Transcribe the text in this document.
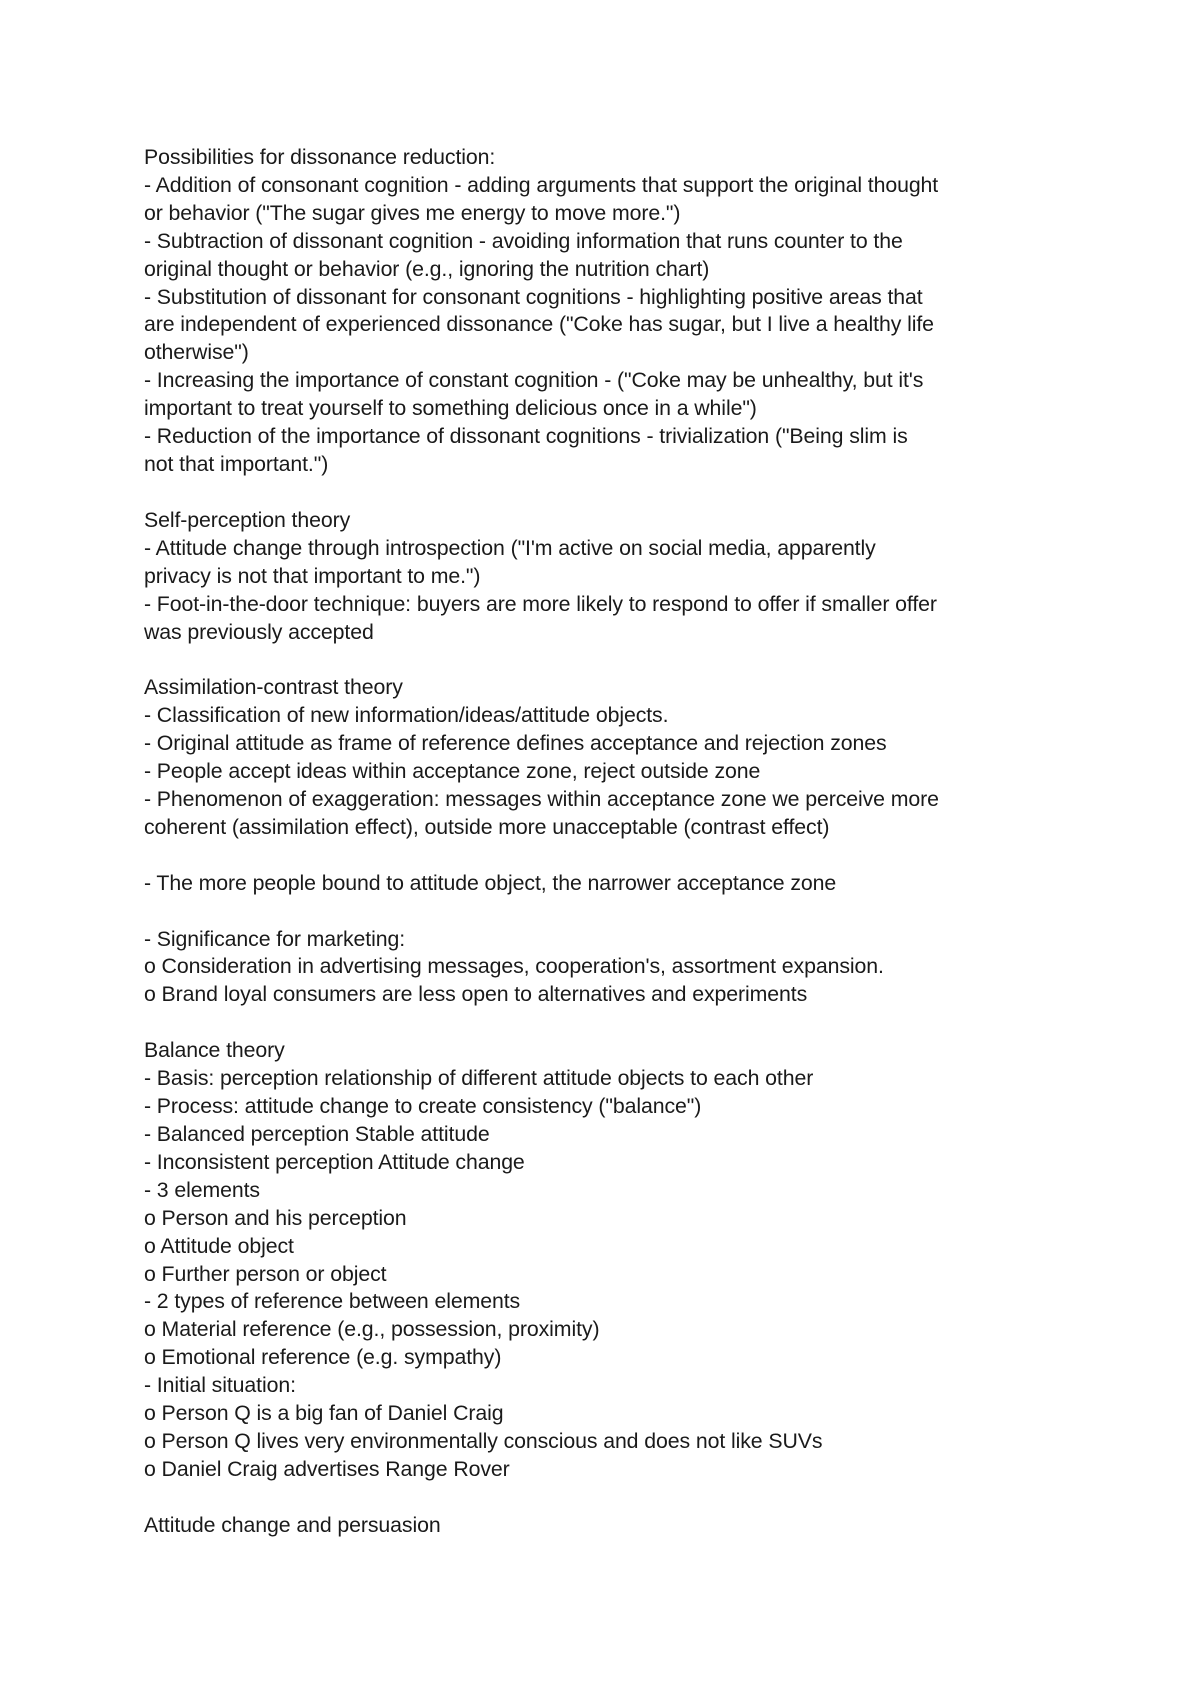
Possibilities for dissonance reduction:
- Addition of consonant cognition - adding arguments that support the original thought
or behavior ("The sugar gives me energy to move more.")
- Subtraction of dissonant cognition - avoiding information that runs counter to the
original thought or behavior (e.g., ignoring the nutrition chart)
- Substitution of dissonant for consonant cognitions - highlighting positive areas that
are independent of experienced dissonance ("Coke has sugar, but I live a healthy life
otherwise")
- Increasing the importance of constant cognition - ("Coke may be unhealthy, but it's
important to treat yourself to something delicious once in a while")
- Reduction of the importance of dissonant cognitions - trivialization ("Being slim is
not that important.")
Self-perception theory
- Attitude change through introspection ("I'm active on social media, apparently
privacy is not that important to me.")
- Foot-in-the-door technique: buyers are more likely to respond to offer if smaller offer
was previously accepted
Assimilation-contrast theory
- Classification of new information/ideas/attitude objects.
- Original attitude as frame of reference defines acceptance and rejection zones
- People accept ideas within acceptance zone, reject outside zone
- Phenomenon of exaggeration: messages within acceptance zone we perceive more
coherent (assimilation effect), outside more unacceptable (contrast effect)
- The more people bound to attitude object, the narrower acceptance zone
- Significance for marketing:
o Consideration in advertising messages, cooperation's, assortment expansion.
o Brand loyal consumers are less open to alternatives and experiments
Balance theory
- Basis: perception relationship of different attitude objects to each other
- Process: attitude change to create consistency ("balance")
- Balanced perception Stable attitude
- Inconsistent perception Attitude change
- 3 elements
o Person and his perception
o Attitude object
o Further person or object
- 2 types of reference between elements
o Material reference (e.g., possession, proximity)
o Emotional reference (e.g. sympathy)
- Initial situation:
o Person Q is a big fan of Daniel Craig
o Person Q lives very environmentally conscious and does not like SUVs
o Daniel Craig advertises Range Rover
Attitude change and persuasion
